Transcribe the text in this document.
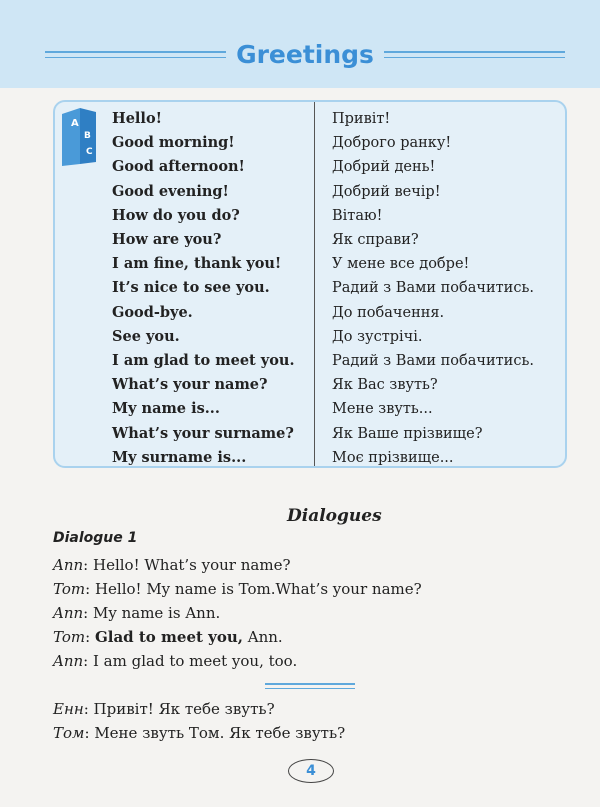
Greetings
A
B
C
Hello!	Привіт!
Good morning!	Доброго ранку!
Good afternoon!	Добрий день!
Good evening!	Добрий вечір!
How do you do?	Вітаю!
How are you?	Як справи?
I am fine, thank you!	У мене все добре!
It’s nice to see you.	Радий з Вами побачитись.
Good-bye.	До побачення.
See you.	До зустрічі.
I am glad to meet you.	Радий з Вами побачитись.
What’s your name?	Як Вас звуть?
My name is...	Мене звуть...
What’s your surname?	Як Ваше прізвище?
My surname is...	Моє прізвище...
Dialogues
Dialogue 1
Ann: Hello! What’s your name?
Tom: Hello! My name is Tom.What’s your name?
Ann: My name is Ann.
Tom: Glad to meet you, Ann.
Ann: I am glad to meet you, too.
Енн: Привіт! Як тебе звуть?
Том: Мене звуть Том. Як тебе звуть?
4
